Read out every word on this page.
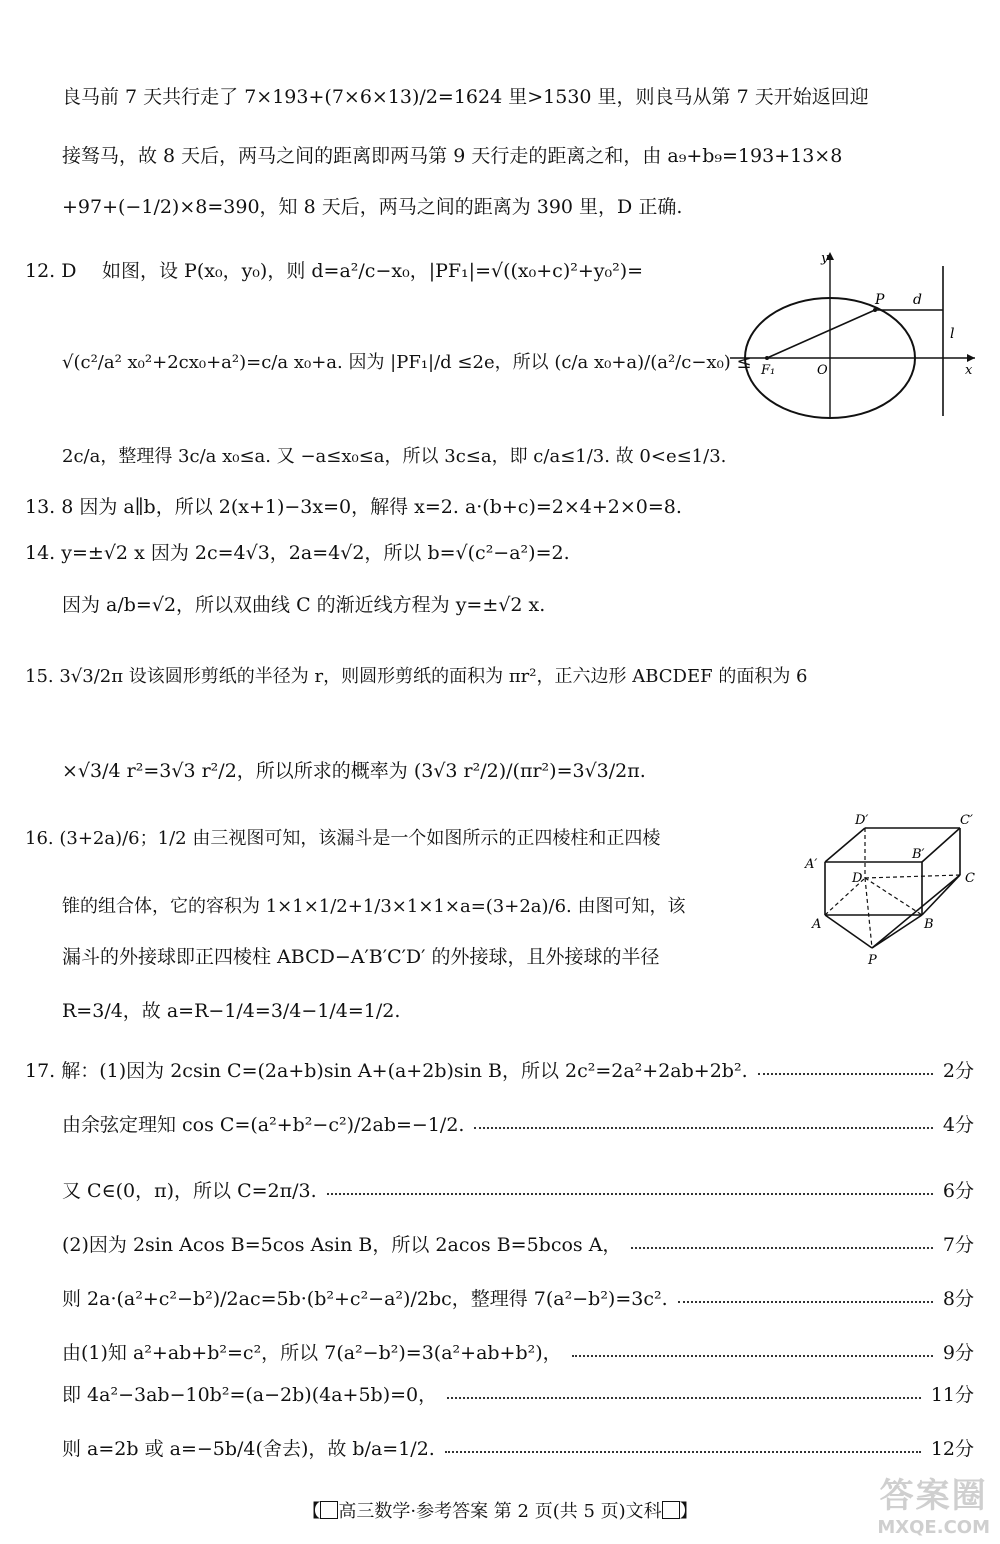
良马前 7 天共行走了 7×193+(7×6×13)/2=1624 里>1530 里，则良马从第 7 天开始返回迎
接驽马，故 8 天后，两马之间的距离即两马第 9 天行走的距离之和，由 a₉+b₉=193+13×8
+97+(−1/2)×8=390，知 8 天后，两马之间的距离为 390 里，D 正确.
12. D 如图，设 P(x₀，y₀)，则 d=a²/c−x₀，|PF₁|=√((x₀+c)²+y₀²)=
√(c²/a² x₀²+2cx₀+a²)=c/a x₀+a. 因为 |PF₁|/d ≤2e，所以 (c/a x₀+a)/(a²/c−x₀) ≤
2c/a，整理得 3c/a x₀≤a. 又 −a≤x₀≤a，所以 3c≤a，即 c/a≤1/3. 故 0<e≤1/3.
y
x
P d
l
F₁	O
13. 8 因为 a∥b，所以 2(x+1)−3x=0，解得 x=2. a·(b+c)=2×4+2×0=8.
14. y=±√2 x 因为 2c=4√3，2a=4√2，所以 b=√(c²−a²)=2.
因为 a/b=√2，所以双曲线 C 的渐近线方程为 y=±√2 x.
15. 3√3/2π 设该圆形剪纸的半径为 r，则圆形剪纸的面积为 πr²，正六边形 ABCDEF 的面积为 6
×√3/4 r²=3√3 r²/2，所以所求的概率为 (3√3 r²/2)/(πr²)=3√3/2π.
16. (3+2a)/6；1/2 由三视图可知，该漏斗是一个如图所示的正四棱柱和正四棱
锥的组合体，它的容积为 1×1×1/2+1/3×1×1×a=(3+2a)/6. 由图可知，该
漏斗的外接球即正四棱柱 ABCD−A′B′C′D′ 的外接球，且外接球的半径
R=3/4，故 a=R−1/4=3/4−1/4=1/2.
D′	C′
B′
A′
D	C
A	B
P
17. 解：(1)因为 2csin C=(2a+b)sin A+(a+2b)sin B，所以 2c²=2a²+2ab+2b².	2分
由余弦定理知 cos C=(a²+b²−c²)/2ab=−1/2.	4分
又 C∈(0，π)，所以 C=2π/3.	6分
(2)因为 2sin Acos B=5cos Asin B，所以 2acos B=5bcos A，	7分
则 2a·(a²+c²−b²)/2ac=5b·(b²+c²−a²)/2bc，整理得 7(a²−b²)=3c².	8分
由(1)知 a²+ab+b²=c²，所以 7(a²−b²)=3(a²+ab+b²)，	9分
即 4a²−3ab−10b²=(a−2b)(4a+5b)=0，	11分
则 a=2b 或 a=−5b/4(舍去)，故 b/a=1/2.	12分
【 高三数学·参考答案 第 2 页(共 5 页)文科 】	答案圈
MXQE.COM
